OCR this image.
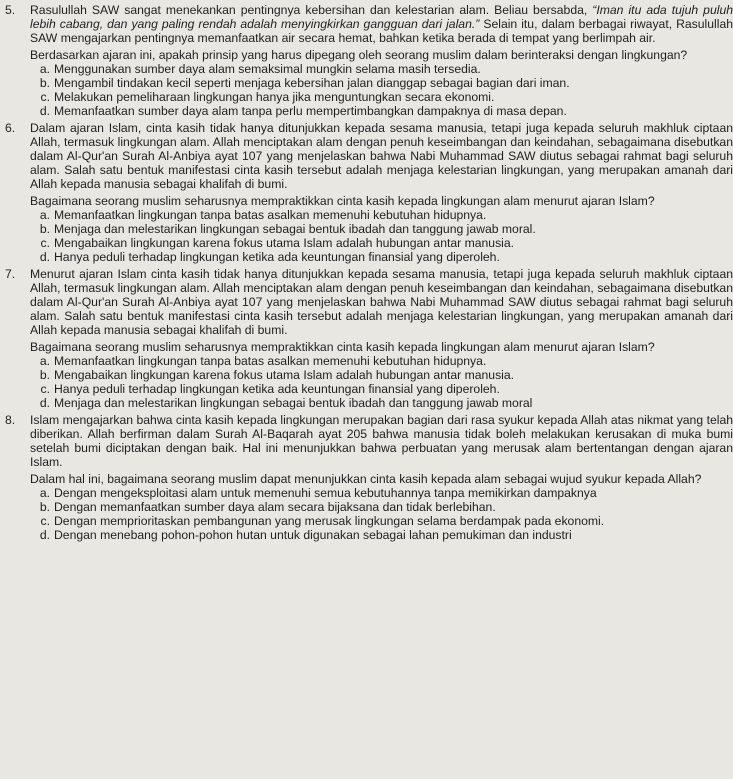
5. Rasulullah SAW sangat menekankan pentingnya kebersihan dan kelestarian alam. Beliau bersabda, “Iman itu ada tujuh puluh lebih cabang, dan yang paling rendah adalah menyingkirkan gangguan dari jalan.” Selain itu, dalam berbagai riwayat, Rasulullah SAW mengajarkan pentingnya memanfaatkan air secara hemat, bahkan ketika berada di tempat yang berlimpah air.

Berdasarkan ajaran ini, apakah prinsip yang harus dipegang oleh seorang muslim dalam berinteraksi dengan lingkungan?

a. Menggunakan sumber daya alam semaksimal mungkin selama masih tersedia.
b. Mengambil tindakan kecil seperti menjaga kebersihan jalan dianggap sebagai bagian dari iman.
c. Melakukan pemeliharaan lingkungan hanya jika menguntungkan secara ekonomi.
d. Memanfaatkan sumber daya alam tanpa perlu mempertimbangkan dampaknya di masa depan.
6. Dalam ajaran Islam, cinta kasih tidak hanya ditunjukkan kepada sesama manusia, tetapi juga kepada seluruh makhluk ciptaan Allah, termasuk lingkungan alam. Allah menciptakan alam dengan penuh keseimbangan dan keindahan, sebagaimana disebutkan dalam Al-Qur'an Surah Al-Anbiya ayat 107 yang menjelaskan bahwa Nabi Muhammad SAW diutus sebagai rahmat bagi seluruh alam. Salah satu bentuk manifestasi cinta kasih tersebut adalah menjaga kelestarian lingkungan, yang merupakan amanah dari Allah kepada manusia sebagai khalifah di bumi.

Bagaimana seorang muslim seharusnya mempraktikkan cinta kasih kepada lingkungan alam menurut ajaran Islam?

a. Memanfaatkan lingkungan tanpa batas asalkan memenuhi kebutuhan hidupnya.
b. Menjaga dan melestarikan lingkungan sebagai bentuk ibadah dan tanggung jawab moral.
c. Mengabaikan lingkungan karena fokus utama Islam adalah hubungan antar manusia.
d. Hanya peduli terhadap lingkungan ketika ada keuntungan finansial yang diperoleh.
7. Menurut ajaran Islam cinta kasih tidak hanya ditunjukkan kepada sesama manusia, tetapi juga kepada seluruh makhluk ciptaan Allah, termasuk lingkungan alam. Allah menciptakan alam dengan penuh keseimbangan dan keindahan, sebagaimana disebutkan dalam Al-Qur'an Surah Al-Anbiya ayat 107 yang menjelaskan bahwa Nabi Muhammad SAW diutus sebagai rahmat bagi seluruh alam. Salah satu bentuk manifestasi cinta kasih tersebut adalah menjaga kelestarian lingkungan, yang merupakan amanah dari Allah kepada manusia sebagai khalifah di bumi.

Bagaimana seorang muslim seharusnya mempraktikkan cinta kasih kepada lingkungan alam menurut ajaran Islam?

a. Memanfaatkan lingkungan tanpa batas asalkan memenuhi kebutuhan hidupnya.
b. Mengabaikan lingkungan karena fokus utama Islam adalah hubungan antar manusia.
c. Hanya peduli terhadap lingkungan ketika ada keuntungan finansial yang diperoleh.
d. Menjaga dan melestarikan lingkungan sebagai bentuk ibadah dan tanggung jawab moral
8. Islam mengajarkan bahwa cinta kasih kepada lingkungan merupakan bagian dari rasa syukur kepada Allah atas nikmat yang telah diberikan. Allah berfirman dalam Surah Al-Baqarah ayat 205 bahwa manusia tidak boleh melakukan kerusakan di muka bumi setelah bumi diciptakan dengan baik. Hal ini menunjukkan bahwa perbuatan yang merusak alam bertentangan dengan ajaran Islam.

Dalam hal ini, bagaimana seorang muslim dapat menunjukkan cinta kasih kepada alam sebagai wujud syukur kepada Allah?

a. Dengan mengeksploitasi alam untuk memenuhi semua kebutuhannya tanpa memikirkan dampaknya
b. Dengan memanfaatkan sumber daya alam secara bijaksana dan tidak berlebihan.
c. Dengan memprioritaskan pembangunan yang merusak lingkungan selama berdampak pada ekonomi.
d. Dengan menebang pohon-pohon hutan untuk digunakan sebagai lahan pemukiman dan industri
